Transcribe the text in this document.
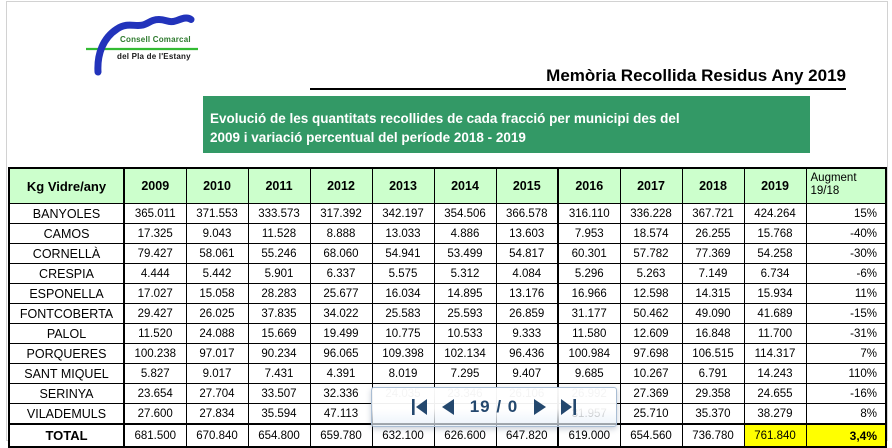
Consell Comarcal
del Pla de l'Estany
Memòria Recollida Residus Any 2019
Evolució de les quantitats recollides de cada fracció per municipi des del
2009 i variació percentual del període 2018 - 2019
Kg Vidre/any	2009	2010	2011	2012	2013	2014	2015	2016	2017	2018	2019	Augment
19/18

BANYOLES	365.011	371.553	333.573	317.392	342.197	354.506	366.578	316.110	336.228	367.721	424.264	15%
CAMOS	17.325	9.043	11.528	8.888	13.033	4.886	13.603	7.953	18.574	26.255	15.768	-40%
CORNELLÀ	79.427	58.061	55.246	68.060	54.941	53.499	54.817	60.301	57.782	77.369	54.258	-30%
CRESPIA	4.444	5.442	5.901	6.337	5.575	5.312	4.084	5.296	5.263	7.149	6.734	-6%
ESPONELLA	17.027	15.058	28.283	25.677	16.034	14.895	13.176	16.966	12.598	14.315	15.934	11%
FONTCOBERTA	29.427	26.025	37.835	34.022	25.583	25.593	26.859	31.177	50.462	49.090	41.689	-15%
PALOL	11.520	24.088	15.669	19.499	10.775	10.533	9.333	11.580	12.609	16.848	11.700	-31%
PORQUERES	100.238	97.017	90.234	96.065	109.398	102.134	96.436	100.984	97.698	106.515	114.317	7%
SANT MIQUEL	5.827	9.017	7.431	4.391	8.019	7.295	9.407	9.685	10.267	6.791	14.243	110%
SERINYA	23.654	27.704	33.507	32.336					27.369	29.358	24.655	-16%
VILADEMULS	27.600	27.834	35.594	47.113					25.710	35.370	38.279	8%
TOTAL	681.500	670.840	654.800	659.780	632.100	626.600	647.820	619.000	654.560	736.780	761.840	3,4%
19 / 0
